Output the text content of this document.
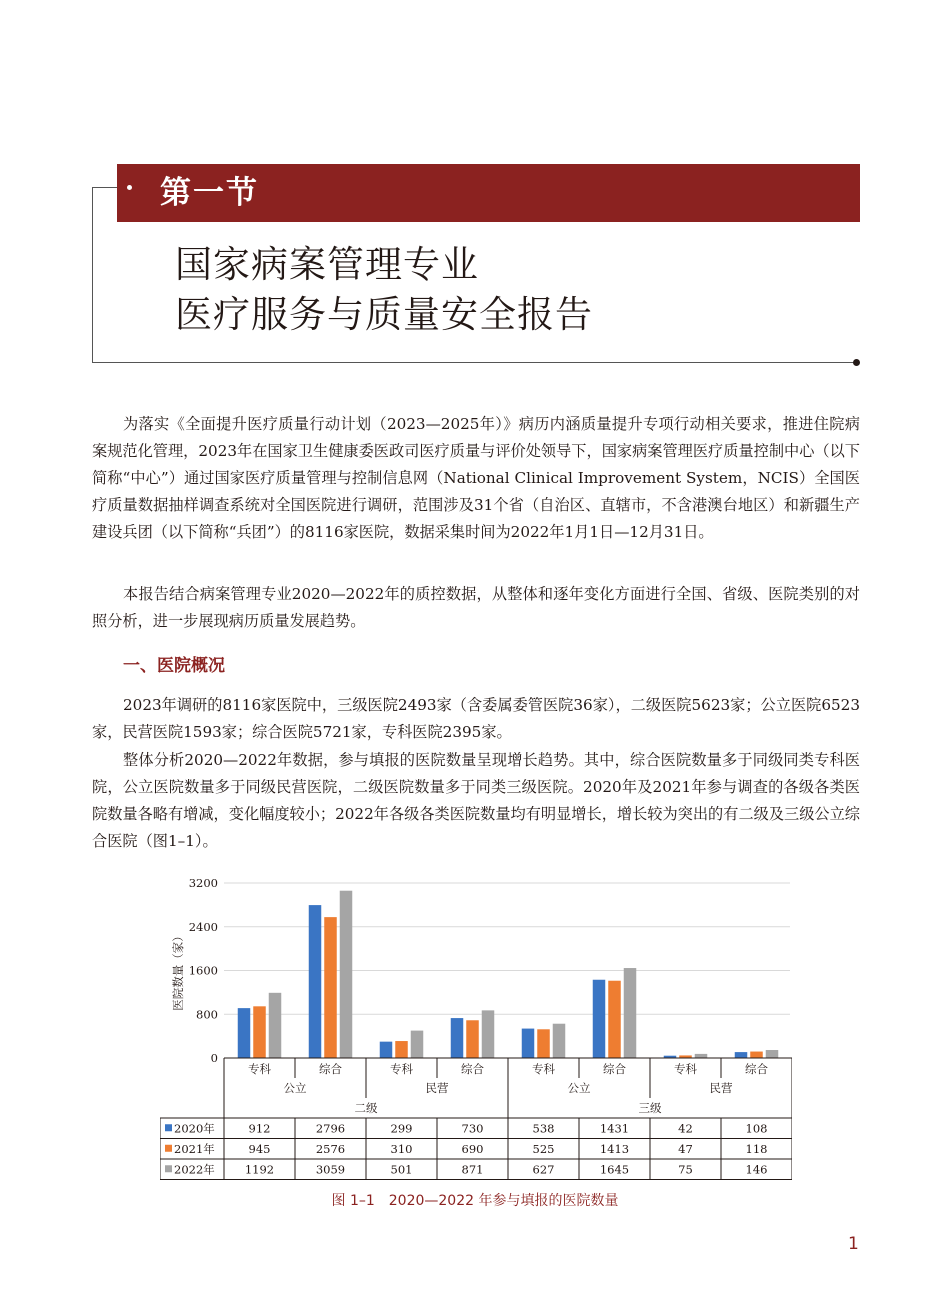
第一节
国家病案管理专业
医疗服务与质量安全报告

为落实《全面提升医疗质量行动计划（2023—2025年）》病历内涵质量提升专项行动相关要求，推进住院病案规范化管理，2023年在国家卫生健康委医政司医疗质量与评价处领导下，国家病案管理医疗质量控制中心（以下简称“中心”）通过国家医疗质量管理与控制信息网（National Clinical Improvement System，NCIS）全国医疗质量数据抽样调查系统对全国医院进行调研，范围涉及31个省（自治区、直辖市，不含港澳台地区）和新疆生产建设兵团（以下简称“兵团”）的8116家医院，数据采集时间为2022年1月1日—12月31日。

本报告结合病案管理专业2020—2022年的质控数据，从整体和逐年变化方面进行全国、省级、医院类别的对照分析，进一步展现病历质量发展趋势。

一、医院概况

2023年调研的8116家医院中，三级医院2493家（含委属委管医院36家），二级医院5623家；公立医院6523家，民营医院1593家；综合医院5721家，专科医院2395家。

整体分析2020—2022年数据，参与填报的医院数量呈现增长趋势。其中，综合医院数量多于同级同类专科医院，公立医院数量多于同级民营医院，二级医院数量多于同类三级医院。2020年及2021年参与调查的各级各类医院数量各略有增减，变化幅度较小；2022年各级各类医院数量均有明显增长，增长较为突出的有二级及三级公立综合医院（图1–1）。

0
800
1600
2400
3200
医院数量（家）
专科	综合	专科	综合	专科	综合	专科	综合
公立	民营	公立	民营
二级	三级
2020年	912	2796	299	730	538	1431	42	108
2021年	945	2576	310	690	525	1413	47	118
2022年	1192	3059	501	871	627	1645	75	146

图 1–1　2020—2022 年参与填报的医院数量

1
